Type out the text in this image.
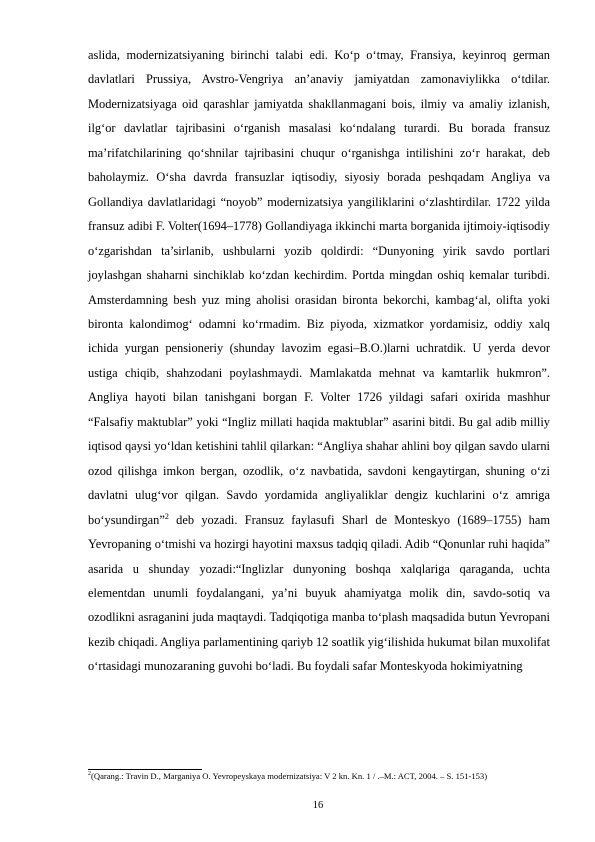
aslida, modernizatsiyaning birinchi talabi edi. Ko‘p o‘tmay, Fransiya, keyinroq german davlatlari Prussiya, Avstro-Vengriya an’anaviy jamiyatdan zamonaviylikka o‘tdilar. Modernizatsiyaga oid qarashlar jamiyatda shakllanmagani bois, ilmiy va amaliy izlanish, ilg‘or davlatlar tajribasini o‘rganish masalasi ko‘ndalang turardi. Bu borada fransuz ma’rifatchilarining qo‘shnilar tajribasini chuqur o‘rganishga intilishini zo‘r harakat, deb baholaymiz. O‘sha davrda fransuzlar iqtisodiy, siyosiy borada peshqadam Angliya va Gollandiya davlatlaridagi “noyob” modernizatsiya yangiliklarini o‘zlashtirdilar. 1722 yilda fransuz adibi F. Volter(1694–1778) Gollandiyaga ikkinchi marta borganida ijtimoiy-iqtisodiy o‘zgarishdan ta’sirlanib, ushbularni yozib qoldirdi: “Dunyoning yirik savdo portlari joylashgan shaharni sinchiklab ko‘zdan kechirdim. Portda mingdan oshiq kemalar turibdi. Amsterdamning besh yuz ming aholisi orasidan bironta bekorchi, kambag‘al, olifta yoki bironta kalondimog‘ odamni ko‘rmadim. Biz piyoda, xizmatkor yordamisiz, oddiy xalq ichida yurgan pensioneriy (shunday lavozim egasi–B.O.)larni uchratdik. U yerda devor ustiga chiqib, shahzodani poylashmaydi. Mamlakatda mehnat va kamtarlik hukmron”. Angliya hayoti bilan tanishgani borgan F. Volter 1726 yildagi safari oxirida mashhur “Falsafiy maktublar” yoki “Ingliz millati haqida maktublar” asarini bitdi. Bu gal adib milliy iqtisod qaysi yo‘ldan ketishini tahlil qilarkan: “Angliya shahar ahlini boy qilgan savdo ularni ozod qilishga imkon bergan, ozodlik, o‘z navbatida, savdoni kengaytirgan, shuning o‘zi davlatni ulug‘vor qilgan. Savdo yordamida angliyaliklar dengiz kuchlarini o‘z amriga bo‘ysundirgan”$^2$ deb yozadi. Fransuz faylasufi Sharl de Monteskyo (1689–1755) ham Yevropaning o‘tmishi va hozirgi hayotini maxsus tadqiq qiladi. Adib “Qonunlar ruhi haqida” asarida u shunday yozadi:“Inglizlar dunyoning boshqa xalqlariga qaraganda, uchta elementdan unumli foydalangani, ya’ni buyuk ahamiyatga molik din, savdo-sotiq va ozodlikni asraganini juda maqtaydi. Tadqiqotiga manba to‘plash maqsadida butun Yevropani kezib chiqadi. Angliya parlamentining qariyb 12 soatlik yig‘ilishida hukumat bilan muxolifat o‘rtasidagi munozaraning guvohi bo‘ladi. Bu foydali safar Monteskyoda hokimiyatning

$^2$(Qarang.: Travin D., Marganiya O. Yevropeyskaya modernizatsiya: V 2 kn. Kn. 1 / .–M.: ACT, 2004. – S. 151-153)

16
